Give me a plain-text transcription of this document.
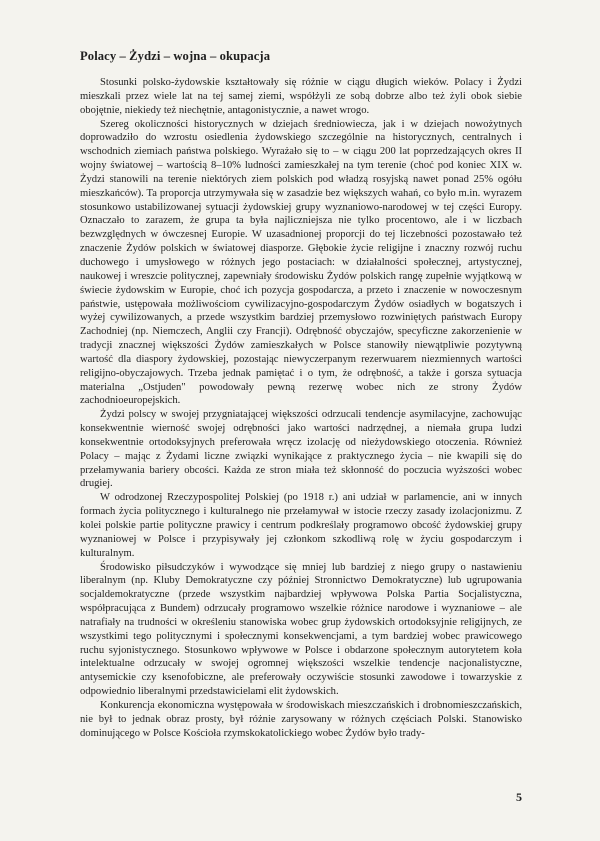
Polacy – Żydzi – wojna – okupacja

Stosunki polsko-żydowskie kształtowały się różnie w ciągu długich wieków. Polacy i Żydzi mieszkali przez wiele lat na tej samej ziemi, współżyli ze sobą dobrze albo też żyli obok siebie obojętnie, niekiedy też niechętnie, antagonistycznie, a nawet wrogo.

Szereg okoliczności historycznych w dziejach średniowiecza, jak i w dziejach nowożytnych doprowadziło do wzrostu osiedlenia żydowskiego szczególnie na historycznych, centralnych i wschodnich ziemiach państwa polskiego. Wyrażało się to – w ciągu 200 lat poprzedzających okres II wojny światowej – wartością 8–10% ludności zamieszkałej na tym terenie (choć pod koniec XIX w. Żydzi stanowili na terenie niektórych ziem polskich pod władzą rosyjską nawet ponad 25% ogółu mieszkańców). Ta proporcja utrzymywała się w zasadzie bez większych wahań, co było m.in. wyrazem stosunkowo ustabilizowanej sytuacji żydowskiej grupy wyznaniowo-narodowej w tej części Europy. Oznaczało to zarazem, że grupa ta była najliczniejsza nie tylko procentowo, ale i w liczbach bezwzględnych w ówczesnej Europie. W uzasadnionej proporcji do tej liczebności pozostawało też znaczenie Żydów polskich w światowej diasporze. Głębokie życie religijne i znaczny rozwój ruchu duchowego i umysłowego w różnych jego postaciach: w działalności społecznej, artystycznej, naukowej i wreszcie politycznej, zapewniały środowisku Żydów polskich rangę zupełnie wyjątkową w świecie żydowskim w Europie, choć ich pozycja gospodarcza, a przeto i znaczenie w nowoczesnym państwie, ustępowała możliwościom cywilizacyjno-gospodarczym Żydów osiadłych w bogatszych i wyżej cywilizowanych, a przede wszystkim bardziej przemysłowo rozwiniętych państwach Europy Zachodniej (np. Niemczech, Anglii czy Francji). Odrębność obyczajów, specyficzne zakorzenienie w tradycji znacznej większości Żydów zamieszkałych w Polsce stanowiły niewątpliwie pozytywną wartość dla diaspory żydowskiej, pozostając niewyczerpanym rezerwuarem niezmiennych wartości religijno-obyczajowych. Trzeba jednak pamiętać i o tym, że odrębność, a także i gorsza sytuacja materialna „Ostjuden" powodowały pewną rezerwę wobec nich ze strony Żydów zachodnioeuropejskich.

Żydzi polscy w swojej przygniatającej większości odrzucali tendencje asymilacyjne, zachowując konsekwentnie wierność swojej odrębności jako wartości nadrzędnej, a niemała grupa ludzi konsekwentnie ortodoksyjnych preferowała wręcz izolację od nieżydowskiego otoczenia. Również Polacy – mając z Żydami liczne związki wynikające z praktycznego życia – nie kwapili się do przełamywania bariery obcości. Każda ze stron miała też skłonność do poczucia wyższości wobec drugiej.

W odrodzonej Rzeczypospolitej Polskiej (po 1918 r.) ani udział w parlamencie, ani w innych formach życia politycznego i kulturalnego nie przełamywał w istocie rzeczy zasady izolacjonizmu. Z kolei polskie partie polityczne prawicy i centrum podkreślały programowo obcość żydowskiej grupy wyznaniowej w Polsce i przypisywały jej członkom szkodliwą rolę w życiu gospodarczym i kulturalnym.

Środowisko piłsudczyków i wywodzące się mniej lub bardziej z niego grupy o nastawieniu liberalnym (np. Kluby Demokratyczne czy później Stronnictwo Demokratyczne) lub ugrupowania socjaldemokratyczne (przede wszystkim najbardziej wpływowa Polska Partia Socjalistyczna, współpracująca z Bundem) odrzucały programowo wszelkie różnice narodowe i wyznaniowe – ale natrafiały na trudności w określeniu stanowiska wobec grup żydowskich ortodoksyjnie religijnych, ze wszystkimi tego politycznymi i społecznymi konsekwencjami, a tym bardziej wobec prawicowego ruchu syjonistycznego. Stosunkowo wpływowe w Polsce i obdarzone społecznym autorytetem koła intelektualne odrzucały w swojej ogromnej większości wszelkie tendencje nacjonalistyczne, antysemickie czy ksenofobiczne, ale preferowały oczywiście stosunki zawodowe i towarzyskie z odpowiednio liberalnymi przedstawicielami elit żydowskich.

Konkurencja ekonomiczna występowała w środowiskach mieszczańskich i drobnomieszczańskich, nie był to jednak obraz prosty, był różnie zarysowany w różnych częściach Polski. Stanowisko dominującego w Polsce Kościoła rzymskokatolickiego wobec Żydów było trady-

5
